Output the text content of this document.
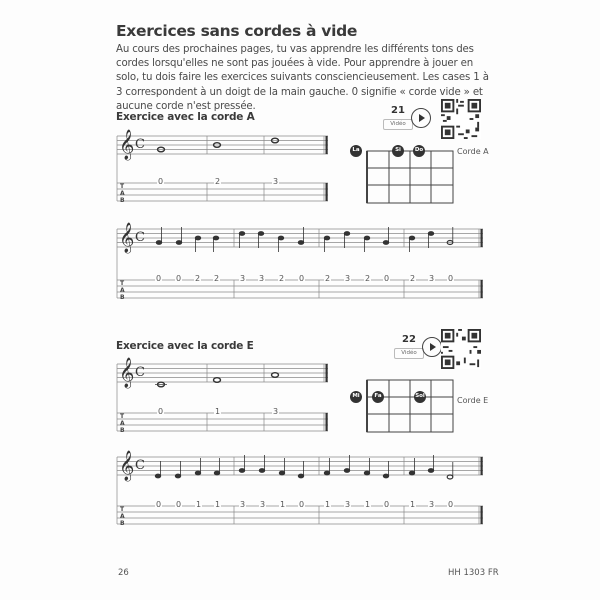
Exercices sans cordes à vide
Au cours des prochaines pages, tu vas apprendre les différents tons des cordes lorsqu'elles ne sont pas jouées à vide. Pour apprendre à jouer en solo, tu dois faire les exercices suivants consciencieusement. Les cases 1 à 3 correspondent à un doigt de la main gauche. 0 signifie « corde vide » et aucune corde n'est pressée.
Exercice avec la corde A
21
Vidéo
Corde A
Exercice avec la corde E
22
Vidéo
Corde E
𝄞
𝄞
𝄞
𝄞
C
C
C
C
T
A
B
T
A
B
T
A
B
T
A
B
La	Si	Do
Mi	Fa	Sol
0	2	3
0 0 2 2	3 3 2 0	2 3 2 0	2 3 0
0	1	3
0 0 1 1 3 3 1 0	1 3 1 0	1 3 0
26	HH 1303 FR
